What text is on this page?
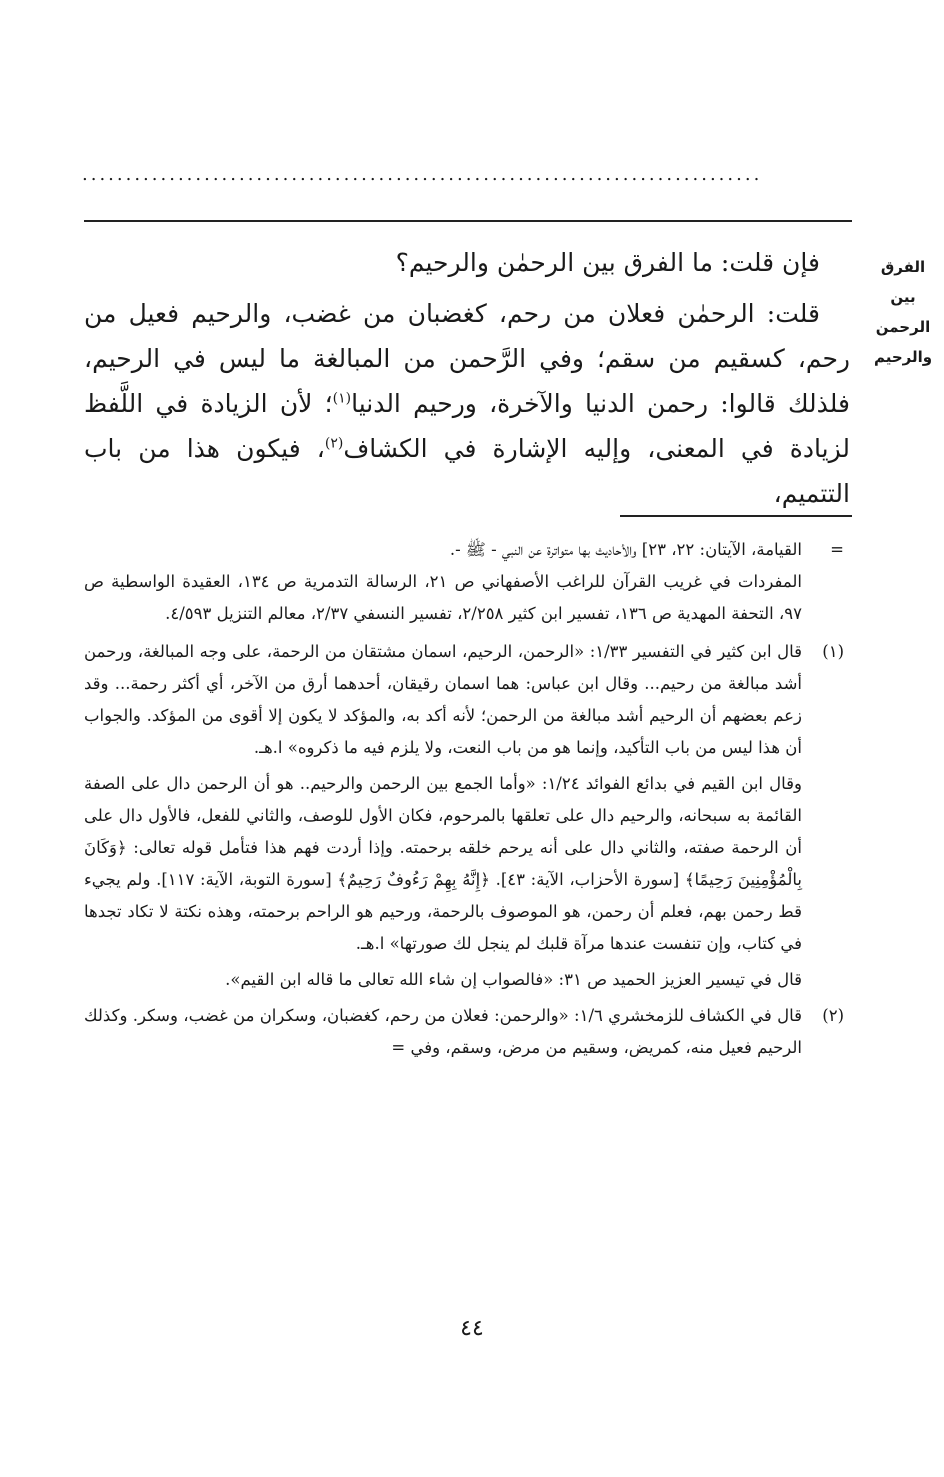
..............................................................................
الفرق
بين
الرحمن
والرحيم

فإن قلت: ما الفرق بين الرحمٰن والرحيم؟

قلت: الرحمٰن فعلان من رحم، كغضبان من غضب، والرحيم فعيل من رحم، كسقيم من سقم؛ وفي الرَّحمن من المبالغة ما ليس في الرحيم، فلذلك قالوا: رحمن الدنيا والآخرة، ورحيم الدنيا$^{(١)}$؛ لأن الزيادة في اللَّفظ لزيادة في المعنى، وإليه الإشارة في الكشاف$^{(٢)}$، فيكون هذا من باب التتميم،

=

القيامة، الآيتان: ٢٢، ٢٣] والأحاديث بها متواترة عن النبي - ﷺ -.

المفردات في غريب القرآن للراغب الأصفهاني ص ٢١، الرسالة التدمرية ص ١٣٤، العقيدة الواسطية ص ٩٧، التحفة المهدية ص ١٣٦، تفسير ابن كثير ٢/٢٥٨، تفسير النسفي ٢/٣٧، معالم التنزيل ٤/٥٩٣.

(١)

قال ابن كثير في التفسير ١/٣٣: «الرحمن، الرحيم، اسمان مشتقان من الرحمة، على وجه المبالغة، ورحمن أشد مبالغة من رحيم... وقال ابن عباس: هما اسمان رقيقان، أحدهما أرق من الآخر، أي أكثر رحمة... وقد زعم بعضهم أن الرحيم أشد مبالغة من الرحمن؛ لأنه أكد به، والمؤكد لا يكون إلا أقوى من المؤكد. والجواب أن هذا ليس من باب التأكيد، وإنما هو من باب النعت، ولا يلزم فيه ما ذكروه» ا.هـ.

وقال ابن القيم في بدائع الفوائد ١/٢٤: «وأما الجمع بين الرحمن والرحيم.. هو أن الرحمن دال على الصفة القائمة به سبحانه، والرحيم دال على تعلقها بالمرحوم، فكان الأول للوصف، والثاني للفعل، فالأول دال على أن الرحمة صفته، والثاني دال على أنه يرحم خلقه برحمته. وإذا أردت فهم هذا فتأمل قوله تعالى: ﴿وَكَانَ بِالْمُؤْمِنِينَ رَحِيمًا﴾ [سورة الأحزاب، الآية: ٤٣]. ﴿إِنَّهُ بِهِمْ رَءُوفٌ رَحِيمٌ﴾ [سورة التوبة، الآية: ١١٧]. ولم يجيء قط رحمن بهم، فعلم أن رحمن، هو الموصوف بالرحمة، ورحيم هو الراحم برحمته، وهذه نكتة لا تكاد تجدها في كتاب، وإن تنفست عندها مرآة قلبك لم ينجل لك صورتها» ا.هـ.

قال في تيسير العزيز الحميد ص ٣١: «فالصواب إن شاء الله تعالى ما قاله ابن القيم».

(٢)

قال في الكشاف للزمخشري ١/٦: «والرحمن: فعلان من رحم، كغضبان، وسكران من غضب، وسكر. وكذلك الرحيم فعيل منه، كمريض، وسقيم من مرض، وسقم، وفي =

٤٤
